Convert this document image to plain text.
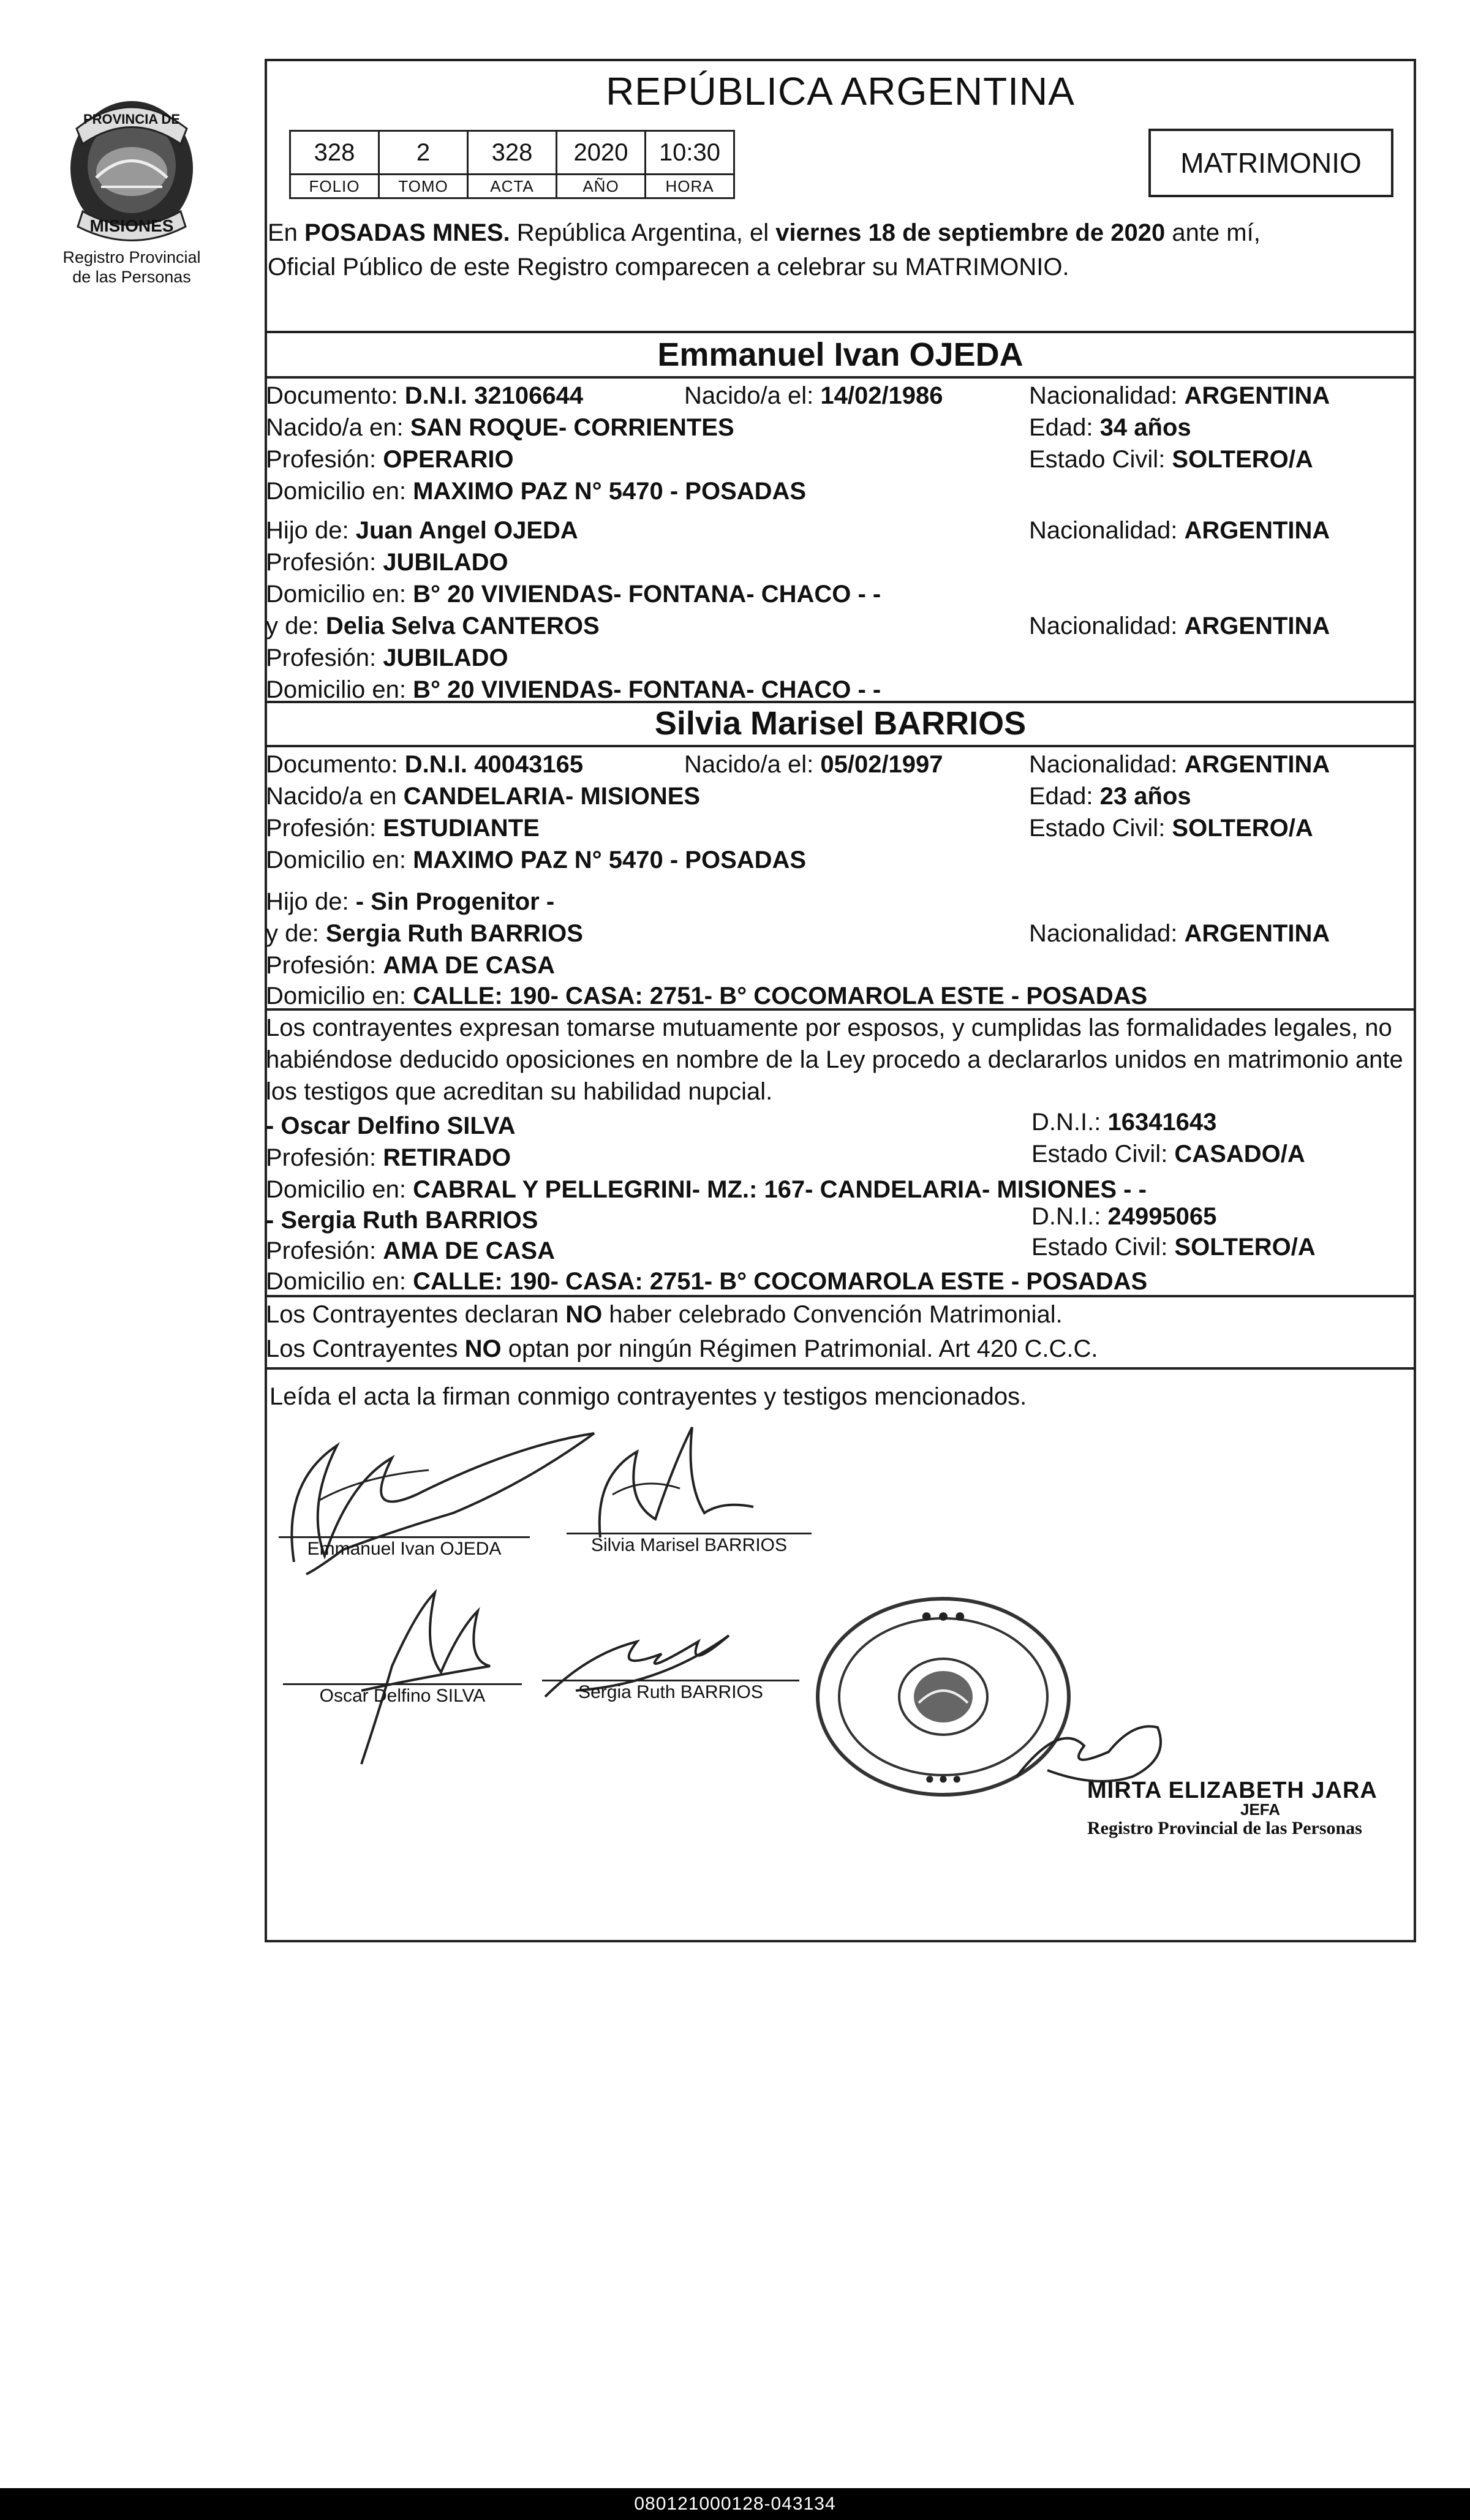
PROVINCIA DE
MISIONES
Registro Provincial
de las Personas
REPÚBLICA ARGENTINA
328	2	328	2020	10:30
FOLIO	TOMO	ACTA	AÑO	HORA
MATRIMONIO
En POSADAS MNES. República Argentina, el viernes 18 de septiembre de 2020 ante mí,
Oficial Público de este Registro comparecen a celebrar su MATRIMONIO.
Emmanuel Ivan OJEDA
Documento: D.N.I. 32106644	Nacido/a el: 14/02/1986	Nacionalidad: ARGENTINA
Nacido/a en: SAN ROQUE- CORRIENTES	Edad: 34 años
Profesión: OPERARIO	Estado Civil: SOLTERO/A
Domicilio en: MAXIMO PAZ N° 5470 - POSADAS
Hijo de: Juan Angel OJEDA	Nacionalidad: ARGENTINA
Profesión: JUBILADO
Domicilio en: B° 20 VIVIENDAS- FONTANA- CHACO - -
y de: Delia Selva CANTEROS	Nacionalidad: ARGENTINA
Profesión: JUBILADO
Domicilio en: B° 20 VIVIENDAS- FONTANA- CHACO - -
Silvia Marisel BARRIOS
Documento: D.N.I. 40043165	Nacido/a el: 05/02/1997	Nacionalidad: ARGENTINA
Nacido/a en CANDELARIA- MISIONES	Edad: 23 años
Profesión: ESTUDIANTE	Estado Civil: SOLTERO/A
Domicilio en: MAXIMO PAZ N° 5470 - POSADAS
Hijo de: - Sin Progenitor -
y de: Sergia Ruth BARRIOS	Nacionalidad: ARGENTINA
Profesión: AMA DE CASA
Domicilio en: CALLE: 190- CASA: 2751- B° COCOMAROLA ESTE - POSADAS
Los contrayentes expresan tomarse mutuamente por esposos, y cumplidas las formalidades legales, no
habiéndose deducido oposiciones en nombre de la Ley procedo a declararlos unidos en matrimonio ante
los testigos que acreditan su habilidad nupcial.
- Oscar Delfino SILVA	D.N.I.: 16341643
Profesión: RETIRADO	Estado Civil: CASADO/A
Domicilio en: CABRAL Y PELLEGRINI- MZ.: 167- CANDELARIA- MISIONES - -
- Sergia Ruth BARRIOS	D.N.I.: 24995065
Profesión: AMA DE CASA	Estado Civil: SOLTERO/A
Domicilio en: CALLE: 190- CASA: 2751- B° COCOMAROLA ESTE - POSADAS
Los Contrayentes declaran NO haber celebrado Convención Matrimonial.
Los Contrayentes NO optan por ningún Régimen Patrimonial. Art 420 C.C.C.
Leída el acta la firman conmigo contrayentes y testigos mencionados.
Emmanuel Ivan OJEDA	Silvia Marisel BARRIOS
Oscar Delfino SILVA	Sergia Ruth BARRIOS
● ● ●
● ● ●	MIRTA ELIZABETH JARA
JEFA
Registro Provincial de las Personas
080121000128-043134
